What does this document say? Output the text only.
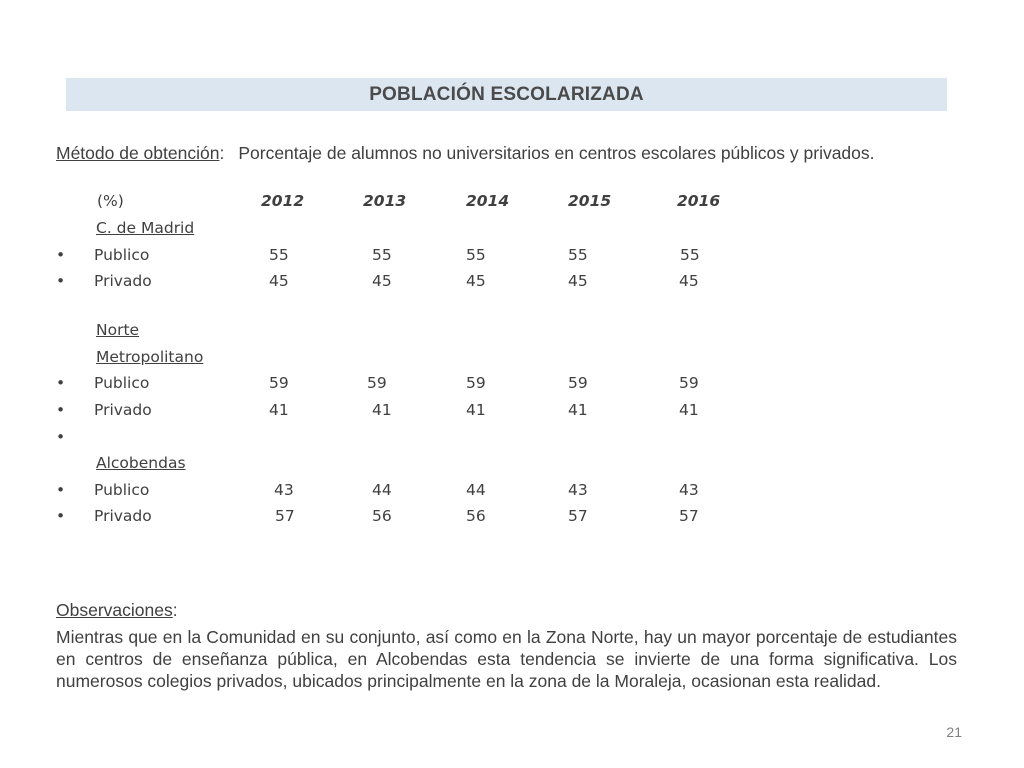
POBLACIÓN ESCOLARIZADA
Método de obtención: Porcentaje de alumnos no universitarios en centros escolares públicos y privados.
(%)	2012	2013	2014	2015	2016
C. de Madrid
• Publico	55	55	55	55	55
• Privado	45	45	45	45	45
Norte
Metropolitano
• Publico	59	59	59	59	59
• Privado	41	41	41	41	41
•
Alcobendas
• Publico	43	44	44	43	43
• Privado	57	56	56	57	57
Observaciones:
Mientras que en la Comunidad en su conjunto, así como en la Zona Norte, hay un mayor porcentaje de estudiantes en centros de enseñanza pública, en Alcobendas esta tendencia se invierte de una forma significativa. Los numerosos colegios privados, ubicados principalmente en la zona de la Moraleja, ocasionan esta realidad.
21
